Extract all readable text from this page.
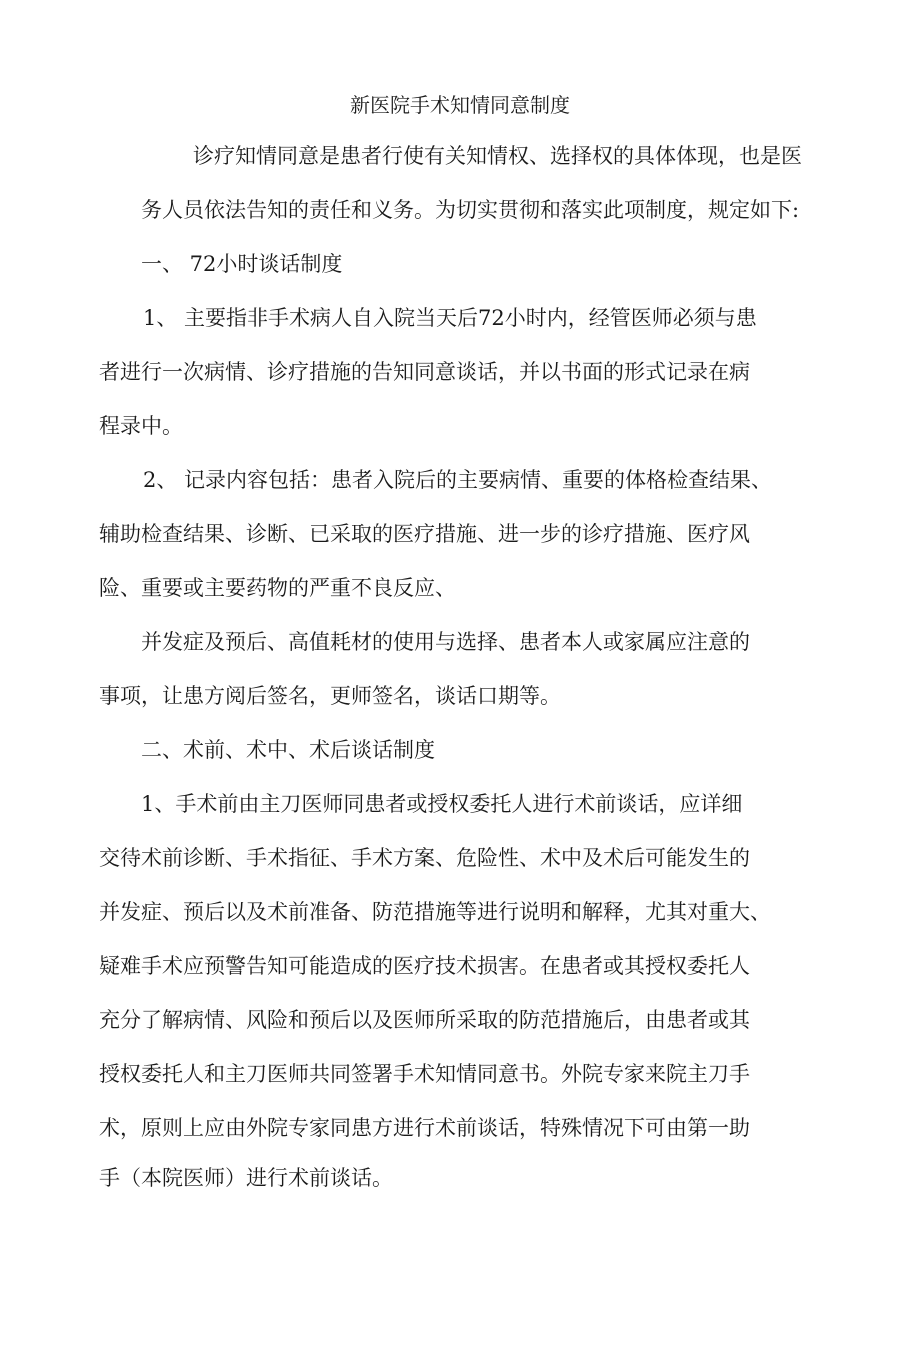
新医院手术知情同意制度

诊疗知情同意是患者行使有关知情权、选择权的具体体现，也是医

务人员依法告知的责任和义务。为切实贯彻和落实此项制度，规定如下:

一、 72小时谈话制度

1、 主要指非手术病人自入院当天后72小时内，经管医师必须与患

者进行一次病情、诊疗措施的告知同意谈话，并以书面的形式记录在病

程录中。

2、 记录内容包括：患者入院后的主要病情、重要的体格检查结果、

辅助检查结果、诊断、已采取的医疗措施、进一步的诊疗措施、医疗风

险、重要或主要药物的严重不良反应、

并发症及预后、高值耗材的使用与选择、患者本人或家属应注意的

事项，让患方阅后签名，更师签名，谈话口期等。

二、术前、术中、术后谈话制度

1、手术前由主刀医师同患者或授权委托人进行术前谈话，应详细

交待术前诊断、手术指征、手术方案、危险性、术中及术后可能发生的

并发症、预后以及术前准备、防范措施等进行说明和解释，尤其对重大、

疑难手术应预警告知可能造成的医疗技术损害。在患者或其授权委托人

充分了解病情、风险和预后以及医师所采取的防范措施后，由患者或其

授权委托人和主刀医师共同签署手术知情同意书。外院专家来院主刀手

术，原则上应由外院专家同患方进行术前谈话，特殊情况下可由第一助

手（本院医师）进行术前谈话。
